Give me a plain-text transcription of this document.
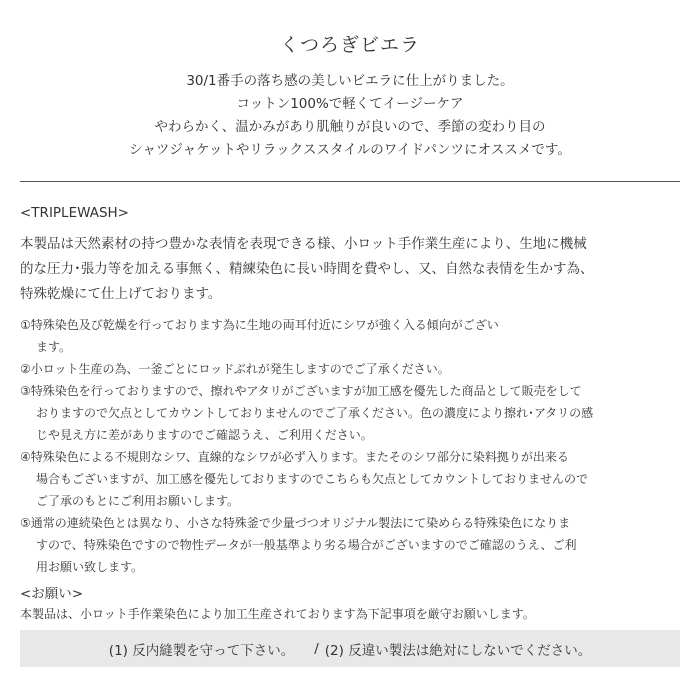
くつろぎビエラ
30/1番手の落ち感の美しいビエラに仕上がりました。
コットン100%で軽くてイージーケア
やわらかく、温かみがあり肌触りが良いので、季節の変わり目の
シャツジャケットやリラックススタイルのワイドパンツにオススメです。
<TRIPLEWASH>
本製品は天然素材の持つ豊かな表情を表現できる様、小ロット手作業生産により、生地に機械
的な圧力･張力等を加える事無く、精練染色に長い時間を費やし、又、自然な表情を生かす為、
特殊乾燥にて仕上げております。
①特殊染色及び乾燥を行っております為に生地の両耳付近にシワが強く入る傾向がござい
ます。
②小ロット生産の為、一釜ごとにロッドぶれが発生しますのでご了承ください。
③特殊染色を行っておりますので、擦れやアタリがございますが加工感を優先した商品として販売をして
おりますので欠点としてカウントしておりませんのでご了承ください。色の濃度により擦れ･アタリの感
じや見え方に差がありますのでご確認うえ、ご利用ください。
④特殊染色による不規則なシワ、直線的なシワが必ず入ります。またそのシワ部分に染料拠りが出来る
場合もございますが、加工感を優先しておりますのでこちらも欠点としてカウントしておりませんので
ご了承のもとにご利用お願いします。
⑤通常の連続染色とは異なり、小さな特殊釜で少量づつオリジナル製法にて染めらる特殊染色になりま
すので、特殊染色ですので物性データが一般基準より劣る場合がございますのでご確認のうえ、ご利
用お願い致します。
<お願い>
本製品は、小ロット手作業染色により加工生産されております為下記事項を厳守お願いします。
(1) 反内縫製を守って下さい。 / (2) 反違い製法は絶対にしないでください。
